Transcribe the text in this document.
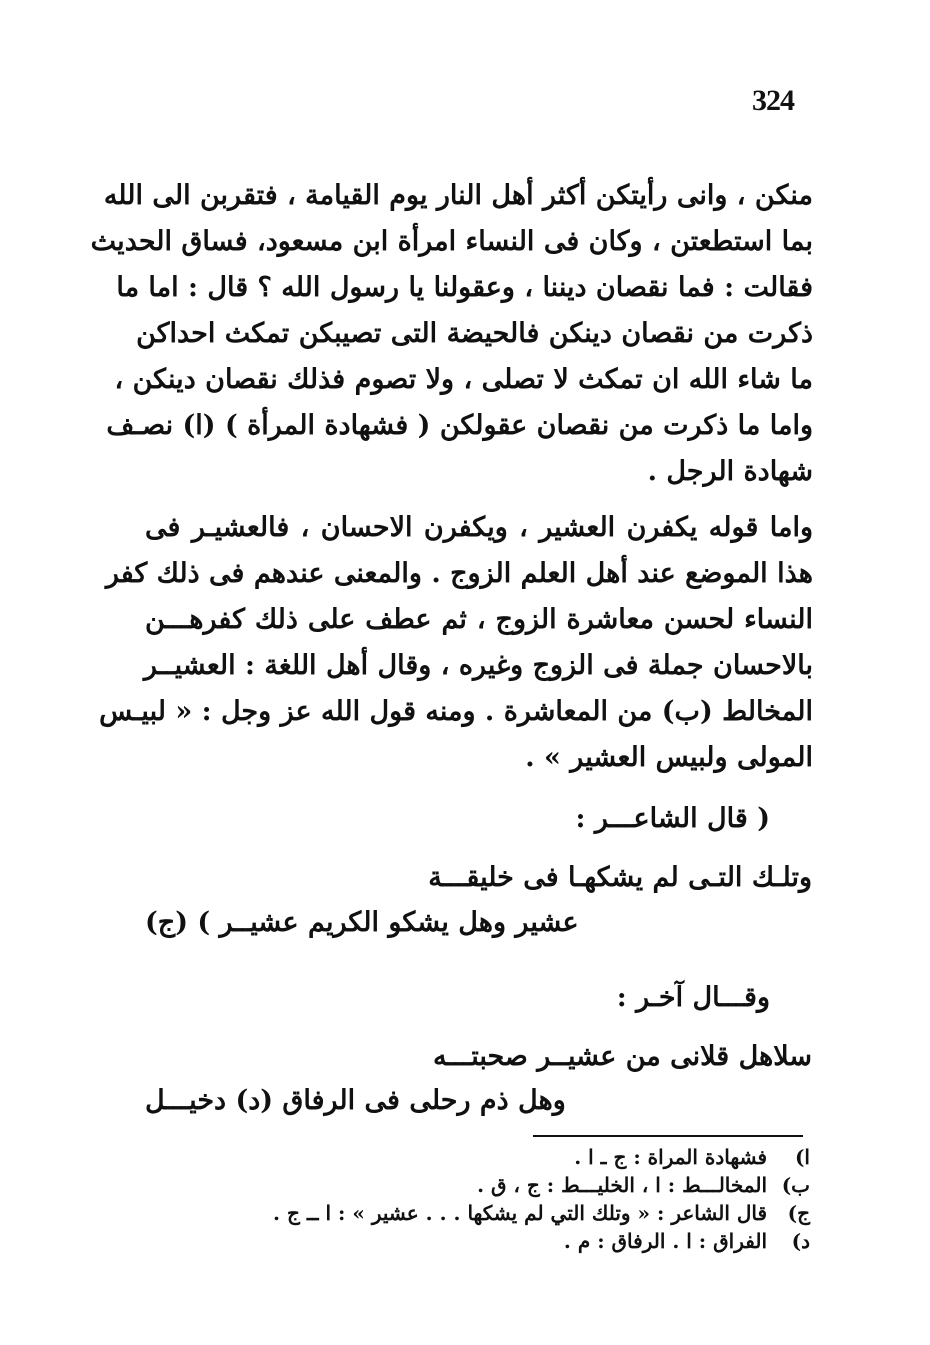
324
منكن ، وانى رأيتكن أكثر أهل النار يوم القيامة ، فتقربن الى الله
بما استطعتن ، وكان فى النساء امرأة ابن مسعود، فساق الحديث
فقالت : فما نقصان ديننا ، وعقولنا يا رسول الله ؟ قال : اما ما
ذكرت من نقصان دينكن فالحيضة التى تصيبكن تمكث احداكن
ما شاء الله ان تمكث لا تصلى ، ولا تصوم فذلك نقصان دينكن ،
واما ما ذكرت من نقصان عقولكن ( فشهادة المرأة ) (ا) نصـف
شهادة الرجل .
واما قوله يكفرن العشير ، ويكفرن الاحسان ، فالعشيـر فى
هذا الموضع عند أهل العلم الزوج . والمعنى عندهم فى ذلك كفر
النساء لحسن معاشرة الزوج ، ثم عطف على ذلك كفرهـــن
بالاحسان جملة فى الزوج وغيره ، وقال أهل اللغة : العشيــر
المخالط (ب) من المعاشرة . ومنه قول الله عز وجل : « لبيـس
المولى ولبيس العشير » .
( قال الشاعـــر :
وتلـك التـى لم يشكهـا فى خليقـــة
عشير وهل يشكو الكريم عشيــر ) (ج)
وقـــال آخـر :
سلاهل قلانى من عشيــر صحبتـــه
وهل ذم رحلى فى الرفاق (د) دخيـــل
ا) فشهادة المراة : ج ـ ا .
ب) المخالـــط : ا ، الخليـــط : ج ، ق .
ج) قال الشاعر : « وتلك التي لم يشكها . . . عشير » : ا ــ ج .
د) الفراق : ا . الرفاق : م .
